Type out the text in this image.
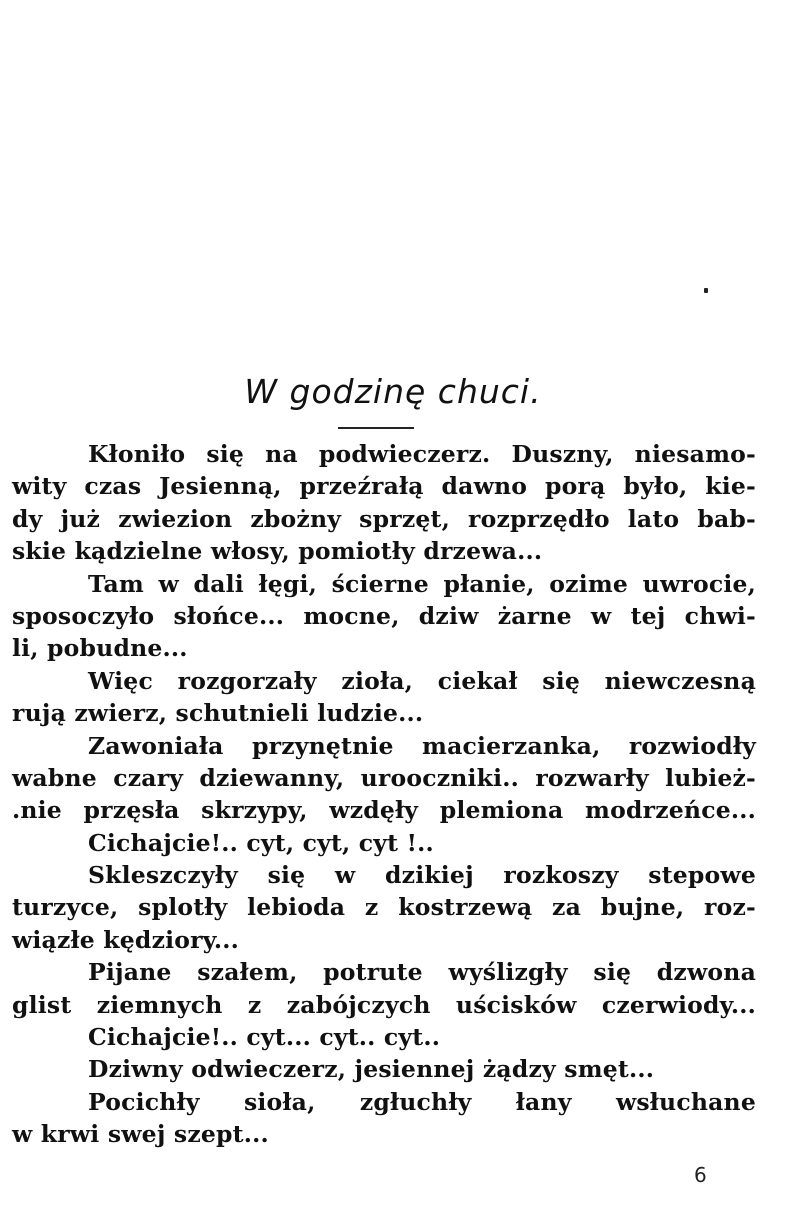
W godzinę chuci.
Kłoniło się na podwieczerz. Duszny, niesamo-
wity czas Jesienną, przeźrałą dawno porą było, kie-
dy już zwiezion zbożny sprzęt, rozprzędło lato bab-
skie kądzielne włosy, pomiotły drzewa...
Tam w dali łęgi, ścierne płanie, ozime uwrocie,
sposoczyło słońce... mocne, dziw żarne w tej chwi-
li, pobudne...
Więc rozgorzały zioła, ciekał się niewczesną
rują zwierz, schutnieli ludzie...
Zawoniała przynętnie macierzanka, rozwiodły
wabne czary dziewanny, urooczniki.. rozwarły lubież-
.nie przęsła skrzypy, wzdęły plemiona modrzeńce...
Cichajcie!.. cyt, cyt, cyt !..
Skleszczyły się w dzikiej rozkoszy stepowe
turzyce, splotły lebioda z kostrzewą za bujne, roz-
wiązłe kędziory...
Pijane szałem, potrute wyślizgły się dzwona
glist ziemnych z zabójczych uścisków czerwiody...
Cichajcie!.. cyt... cyt.. cyt..
Dziwny odwieczerz, jesiennej żądzy smęt...
Pocichły sioła, zgłuchły łany wsłuchane
w krwi swej szept...
6
